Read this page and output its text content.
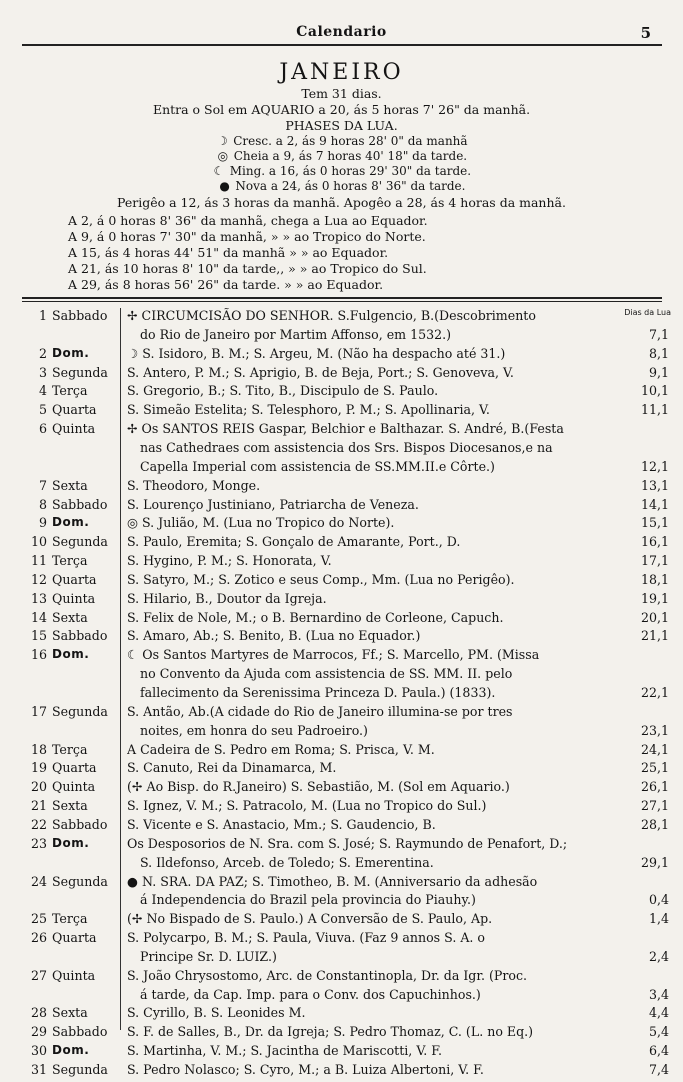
Calendario	5
JANEIRO
Tem 31 dias.
Entra o Sol em AQUARIO a 20, ás 5 horas 7' 26" da manhã.
PHASES DA LUA.
☽ Cresc. a 2, ás 9 horas 28' 0" da manhã
◎ Cheia a 9, ás 7 horas 40' 18" da tarde.
☾ Ming. a 16, ás 0 horas 29' 30" da tarde.
● Nova a 24, ás 0 horas 8' 36" da tarde.
Perigêo a 12, ás 3 horas da manhã. Apogêo a 28, ás 4 horas da manhã.
A 2, á 0 horas 8' 36" da manhã, chega a Lua ao Equador.
A 9, á 0 horas 7' 30" da manhã, » » ao Tropico do Norte.
A 15, ás 4 horas 44' 51" da manhã » » ao Equador.
A 21, ás 10 horas 8' 10" da tarde,, » » ao Tropico do Sul.
A 29, ás 8 horas 56' 26" da tarde. » » ao Equador.
Dias da Lua
1 Sabbado ✢ CIRCUMCISÃO DO SENHOR. S.Fulgencio, B.(Descobrimento
do Rio de Janeiro por Martim Affonso, em 1532.)	7,1
2 Dom.	☽ S. Isidoro, B. M.; S. Argeu, M. (Não ha despacho até 31.)	8,1
3 Segunda S. Antero, P. M.; S. Aprigio, B. de Beja, Port.; S. Genoveva, V.	9,1
4 Terça	S. Gregorio, B.; S. Tito, B., Discipulo de S. Paulo.	10,1
5 Quarta S. Simeão Estelita; S. Telesphoro, P. M.; S. Apollinaria, V.	11,1
6 Quinta	✢ Os SANTOS REIS Gaspar, Belchior e Balthazar. S. André, B.(Festa
nas Cathedraes com assistencia dos Srs. Bispos Diocesanos,e na
Capella Imperial com assistencia de SS.MM.II.e Côrte.)	12,1
7 Sexta	S. Theodoro, Monge.	13,1
8 Sabbado S. Lourenço Justiniano, Patriarcha de Veneza.	14,1
9 Dom.	◎ S. Julião, M. (Lua no Tropico do Norte).	15,1
10 Segunda S. Paulo, Eremita; S. Gonçalo de Amarante, Port., D.	16,1
11 Terça	S. Hygino, P. M.; S. Honorata, V.	17,1
12 Quarta S. Satyro, M.; S. Zotico e seus Comp., Mm. (Lua no Perigêo).	18,1
13 Quinta	S. Hilario, B., Doutor da Igreja.	19,1
14 Sexta	S. Felix de Nole, M.; o B. Bernardino de Corleone, Capuch.	20,1
15 Sabbado S. Amaro, Ab.; S. Benito, B. (Lua no Equador.)	21,1
16 Dom.	☾ Os Santos Martyres de Marrocos, Ff.; S. Marcello, PM. (Missa
no Convento da Ajuda com assistencia de SS. MM. II. pelo
fallecimento da Serenissima Princeza D. Paula.) (1833).	22,1
17 Segunda S. Antão, Ab.(A cidade do Rio de Janeiro illumina-se por tres
noites, em honra do seu Padroeiro.)	23,1
18 Terça	A Cadeira de S. Pedro em Roma; S. Prisca, V. M.	24,1
19 Quarta S. Canuto, Rei da Dinamarca, M.	25,1
20 Quinta	(✢ Ao Bisp. do R.Janeiro) S. Sebastião, M. (Sol em Aquario.)	26,1
21 Sexta	S. Ignez, V. M.; S. Patracolo, M. (Lua no Tropico do Sul.)	27,1
22 Sabbado S. Vicente e S. Anastacio, Mm.; S. Gaudencio, B.	28,1
23 Dom.	Os Desposorios de N. Sra. com S. José; S. Raymundo de Penafort, D.;
S. Ildefonso, Arceb. de Toledo; S. Emerentina.	29,1
24 Segunda ● N. SRA. DA PAZ; S. Timotheo, B. M. (Anniversario da adhesão
á Independencia do Brazil pela provincia do Piauhy.)	0,4
25 Terça	(✢ No Bispado de S. Paulo.) A Conversão de S. Paulo, Ap.	1,4
26 Quarta S. Polycarpo, B. M.; S. Paula, Viuva. (Faz 9 annos S. A. o
Principe Sr. D. LUIZ.)	2,4
27 Quinta	S. João Chrysostomo, Arc. de Constantinopla, Dr. da Igr. (Proc.
á tarde, da Cap. Imp. para o Conv. dos Capuchinhos.)	3,4
28 Sexta	S. Cyrillo, B. S. Leonides M.	4,4
29 Sabbado S. F. de Salles, B., Dr. da Igreja; S. Pedro Thomaz, C. (L. no Eq.)	5,4
30 Dom.	S. Martinha, V. M.; S. Jacintha de Mariscotti, V. F.	6,4
31 Segunda S. Pedro Nolasco; S. Cyro, M.; a B. Luiza Albertoni, V. F.	7,4
